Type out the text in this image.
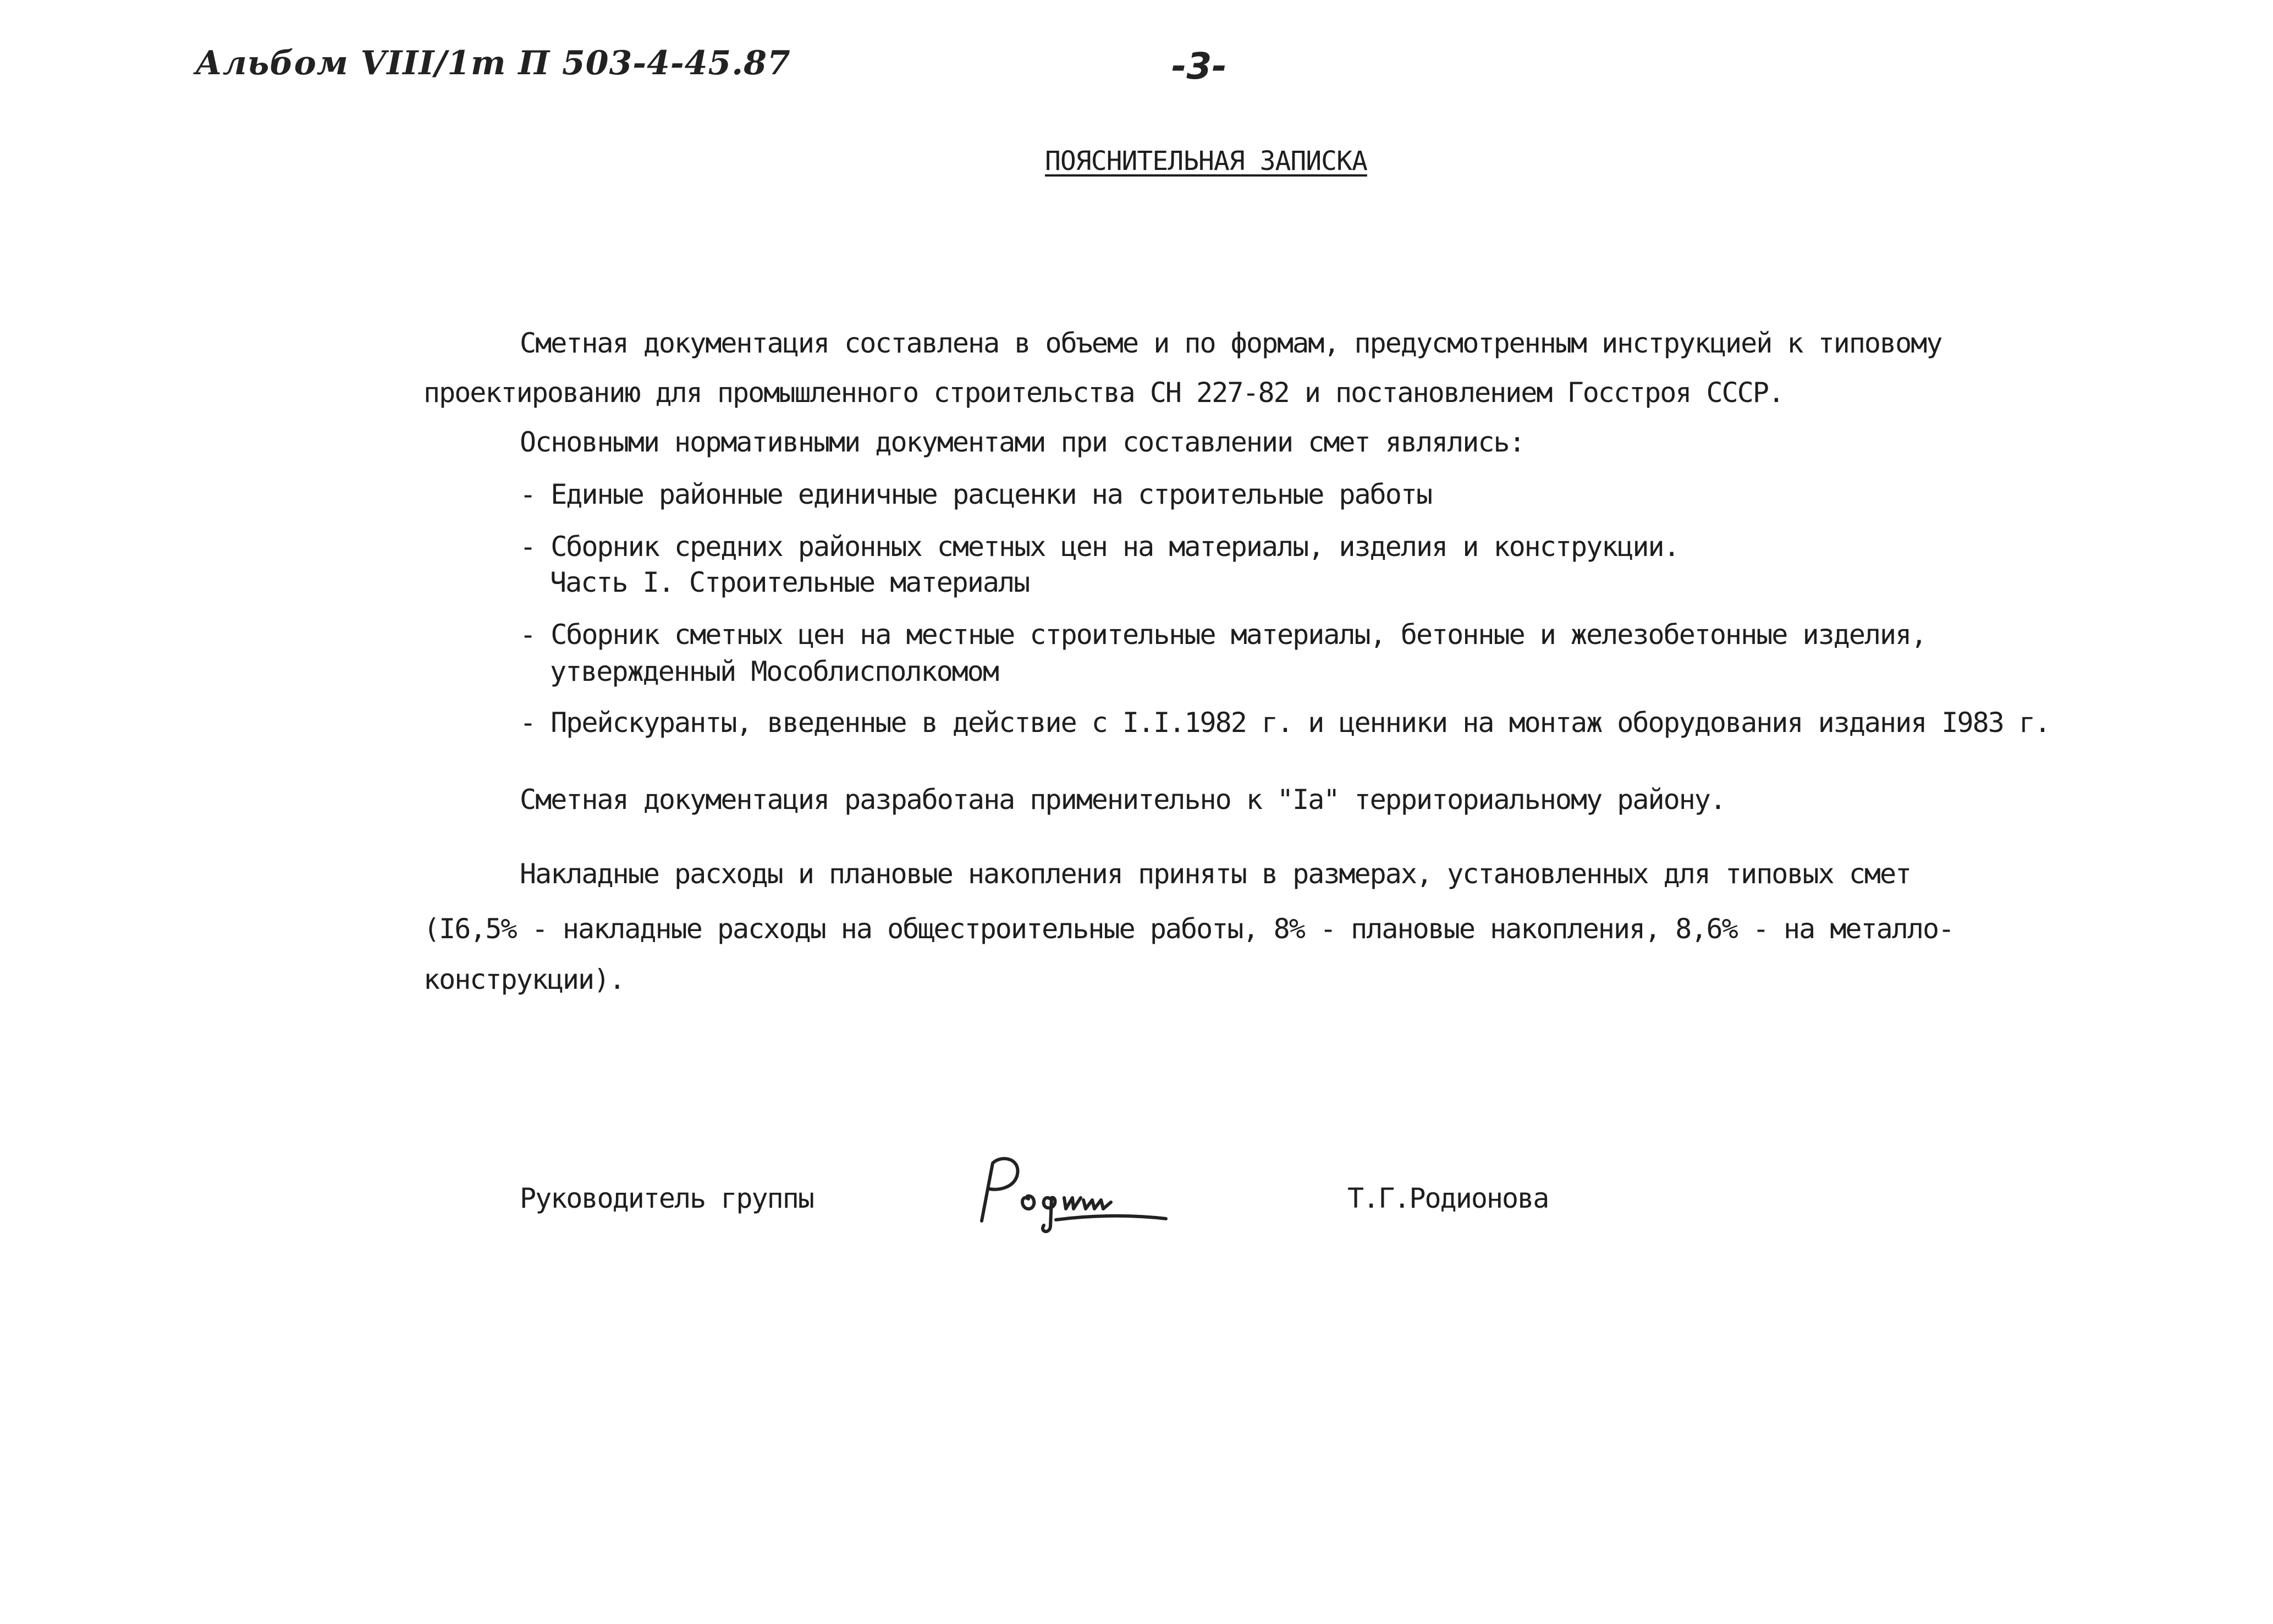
Альбом VIII/1т П 503-4-45.87	-3-
ПОЯСНИТЕЛЬНАЯ ЗАПИСКА
Сметная документация составлена в объеме и по формам, предусмотренным инструкцией к типовому
проектированию для промышленного строительства СН 227-82 и постановлением Госстроя СССР.
Основными нормативными документами при составлении смет являлись:
- Единые районные единичные расценки на строительные работы
- Сборник средних районных сметных цен на материалы, изделия и конструкции.
Часть I. Строительные материалы
- Сборник сметных цен на местные строительные материалы, бетонные и железобетонные изделия,
утвержденный Мособлисполкомом
- Прейскуранты, введенные в действие с I.I.1982 г. и ценники на монтаж оборудования издания I983 г.
Сметная документация разработана применительно к "Iа" территориальному району.
Накладные расходы и плановые накопления приняты в размерах, установленных для типовых смет
(I6,5% - накладные расходы на общестроительные работы, 8% - плановые накопления, 8,6% - на металло-
конструкции).
Руководитель группы	Т.Г.Родионова
